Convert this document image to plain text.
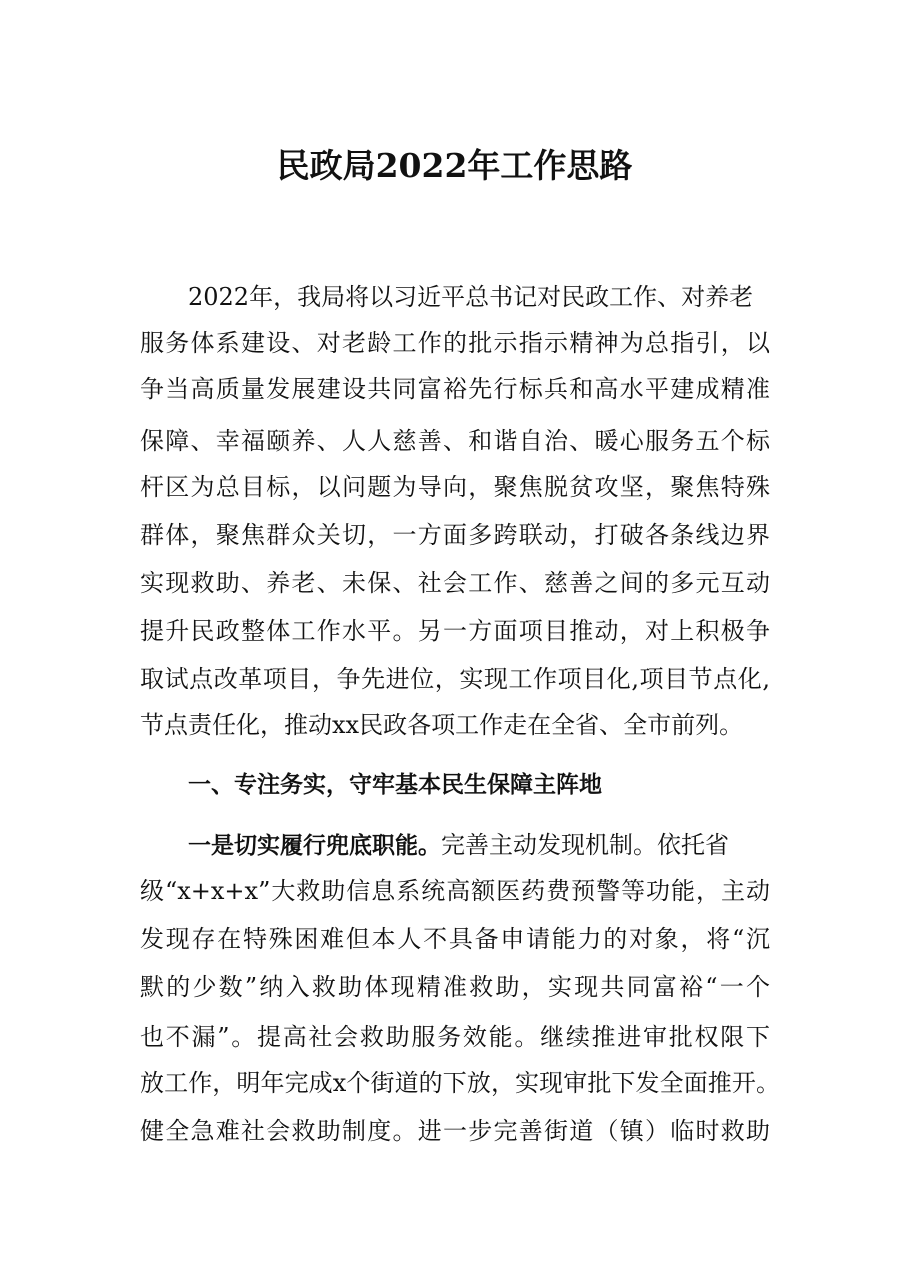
民政局2022年工作思路

2022年，我局将以习近平总书记对民政工作、对养老

服务体系建设、对老龄工作的批示指示精神为总指引，以

争当高质量发展建设共同富裕先行标兵和高水平建成精准

保障、幸福颐养、人人慈善、和谐自治、暖心服务五个标

杆区为总目标，以问题为导向，聚焦脱贫攻坚，聚焦特殊

群体，聚焦群众关切，一方面多跨联动，打破各条线边界

实现救助、养老、未保、社会工作、慈善之间的多元互动

提升民政整体工作水平。另一方面项目推动，对上积极争

取试点改革项目，争先进位，实现工作项目化,项目节点化,

节点责任化，推动xx民政各项工作走在全省、全市前列。

一、专注务实，守牢基本民生保障主阵地

一是切实履行兜底职能。完善主动发现机制。依托省

级“x+x+x”大救助信息系统高额医药费预警等功能，主动

发现存在特殊困难但本人不具备申请能力的对象，将“沉

默的少数”纳入救助体现精准救助，实现共同富裕“一个

也不漏”。提高社会救助服务效能。继续推进审批权限下

放工作，明年完成x个街道的下放，实现审批下发全面推开。

健全急难社会救助制度。进一步完善街道（镇）临时救助
